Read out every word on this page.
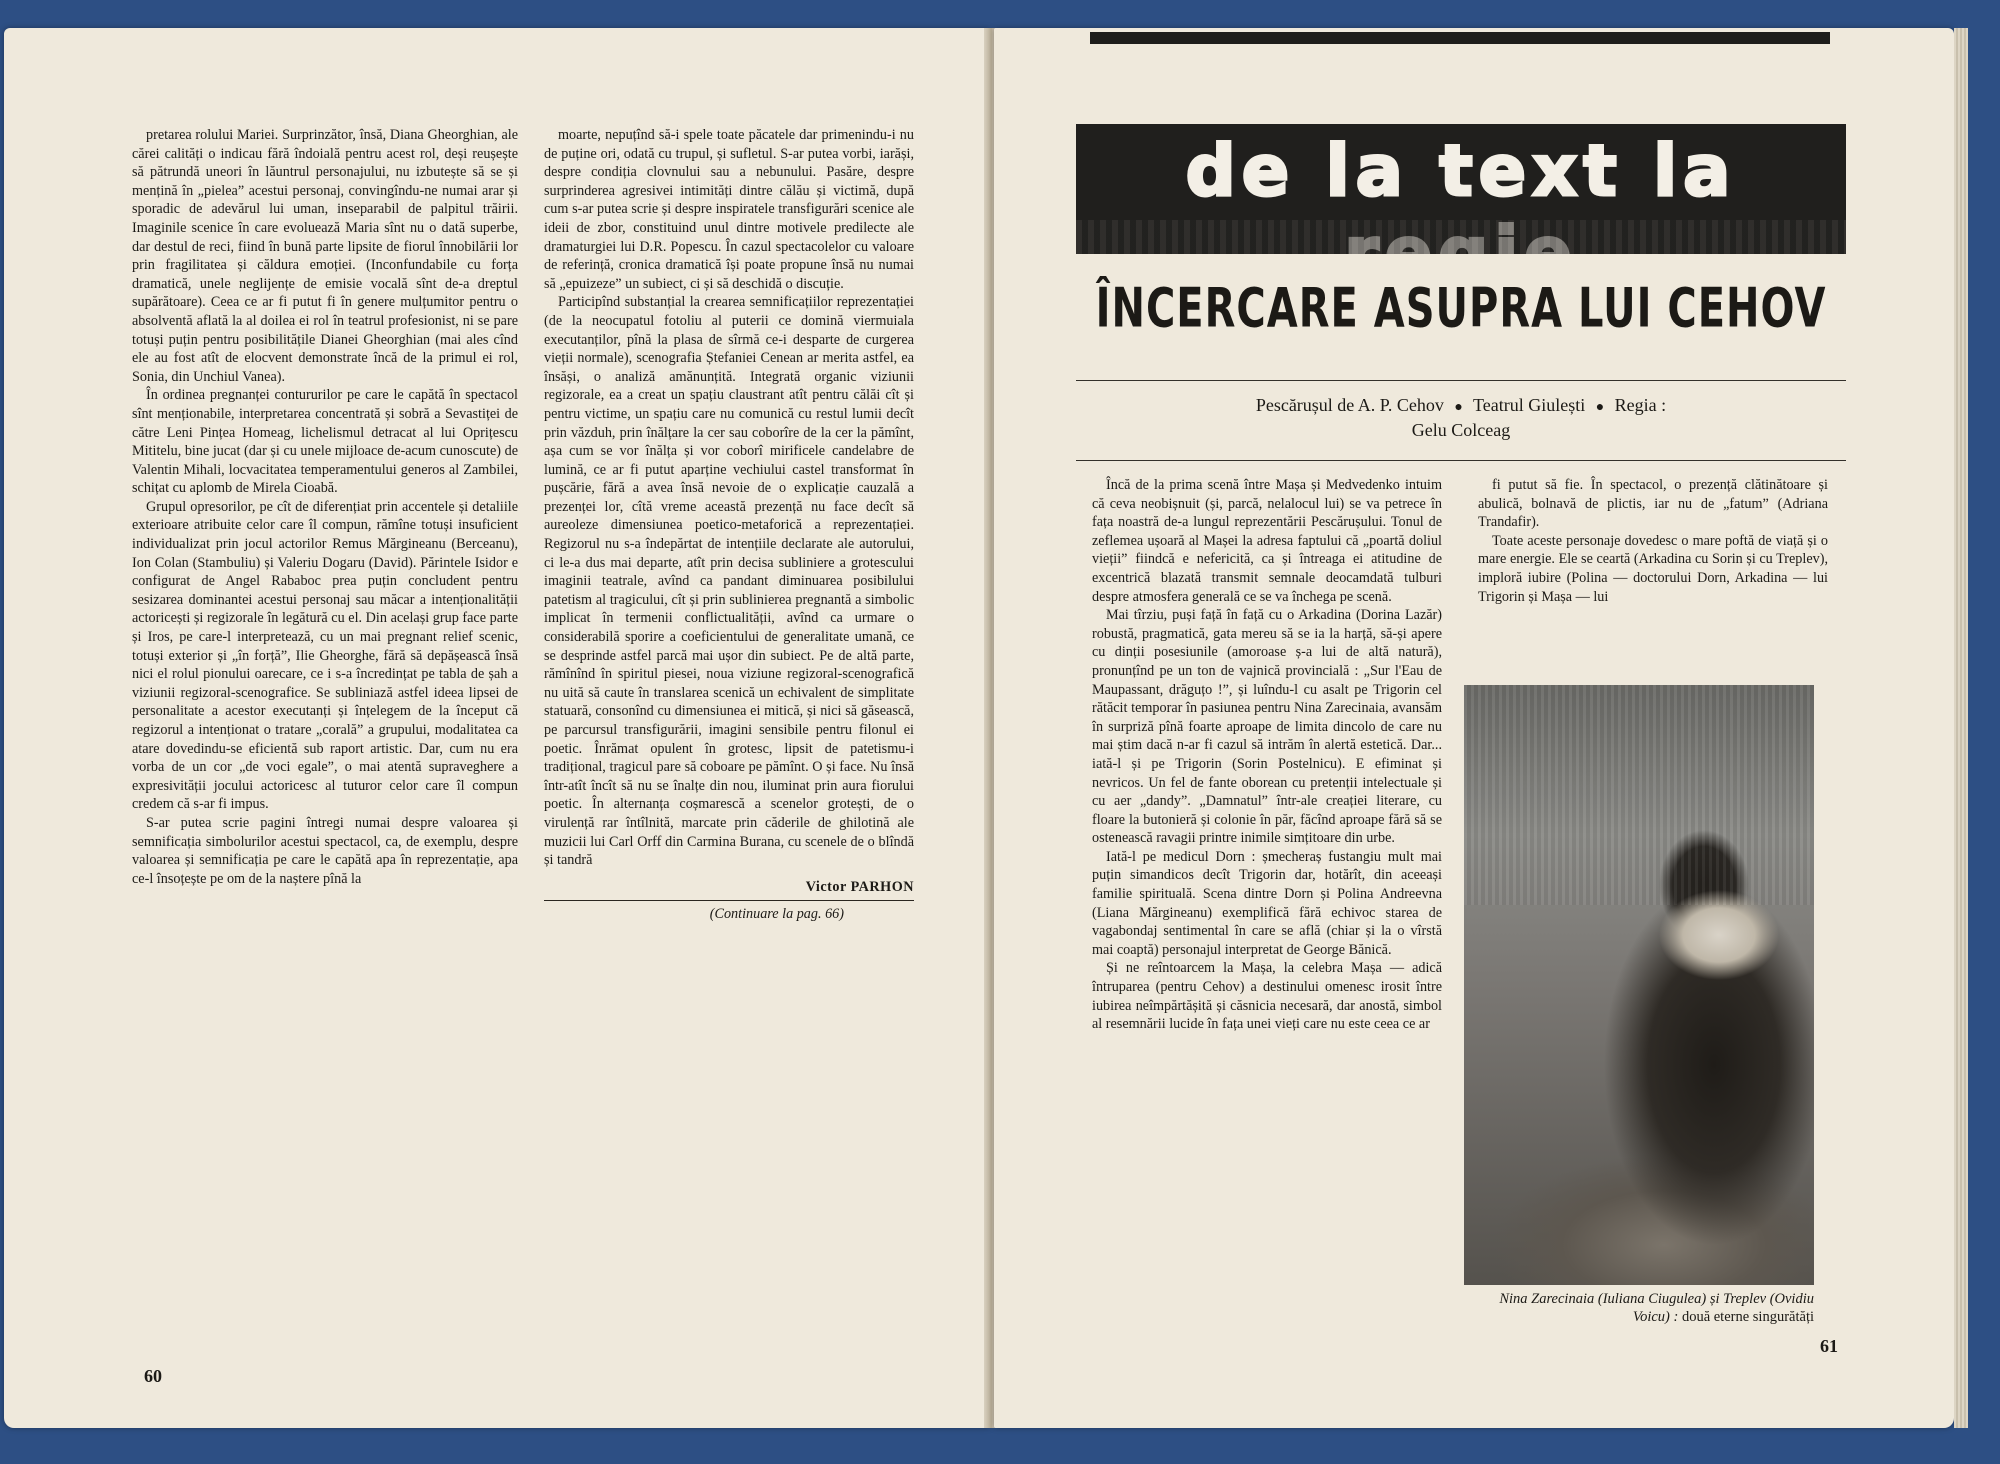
pretarea rolului Mariei. Surprinzător, însă, Diana Gheorghian, ale cărei calități o indicau fără îndoială pentru acest rol, deși reușește să pătrundă uneori în lăuntrul personajului, nu izbutește să se și mențină în „pielea” acestui personaj, convingîndu-ne numai arar și sporadic de adevărul lui uman, inseparabil de palpitul trăirii. Imaginile scenice în care evoluează Maria sînt nu o dată superbe, dar destul de reci, fiind în bună parte lipsite de fiorul înnobilării lor prin fragilitatea și căldura emoției. (Inconfundabile cu forța dramatică, unele neglijențe de emisie vocală sînt de-a dreptul supărătoare). Ceea ce ar fi putut fi în genere mulțumitor pentru o absolventă aflată la al doilea ei rol în teatrul profesionist, ni se pare totuși puțin pentru posibilitățile Dianei Gheorghian (mai ales cînd ele au fost atît de elocvent demonstrate încă de la primul ei rol, Sonia, din Unchiul Vanea).

În ordinea pregnanței contururilor pe care le capătă în spectacol sînt menționabile, interpretarea concentrată și sobră a Sevastiței de către Leni Pințea Homeag, lichelismul detracat al lui Oprițescu Mititelu, bine jucat (dar și cu unele mijloace de-acum cunoscute) de Valentin Mihali, locvacitatea temperamentului generos al Zambilei, schițat cu aplomb de Mirela Cioabă.

Grupul opresorilor, pe cît de diferențiat prin accentele și detaliile exterioare atribuite celor care îl compun, rămîne totuși insuficient individualizat prin jocul actorilor Remus Mărgineanu (Berceanu), Ion Colan (Stambuliu) și Valeriu Dogaru (David). Părintele Isidor e configurat de Angel Rababoc prea puțin concludent pentru sesizarea dominantei acestui personaj sau măcar a intenționalității actoricești și regizorale în legătură cu el. Din același grup face parte și Iros, pe care-l interpretează, cu un mai pregnant relief scenic, totuși exterior și „în forță”, Ilie Gheorghe, fără să depășească însă nici el rolul pionului oarecare, ce i s-a încredințat pe tabla de șah a viziunii regizoral-scenografice. Se subliniază astfel ideea lipsei de personalitate a acestor executanți și înțelegem de la început că regizorul a intenționat o tratare „corală” a grupului, modalitatea ca atare dovedindu-se eficientă sub raport artistic. Dar, cum nu era vorba de un cor „de voci egale”, o mai atentă supraveghere a expresivității jocului actoricesc al tuturor celor care îl compun credem că s-ar fi impus.

S-ar putea scrie pagini întregi numai despre valoarea și semnificația simbolurilor acestui spectacol, ca, de exemplu, despre valoarea și semnificația pe care le capătă apa în reprezentație, apa ce-l însoțește pe om de la naștere pînă la

moarte, nepuțînd să-i spele toate păcatele dar primenindu-i nu de puține ori, odată cu trupul, și sufletul. S-ar putea vorbi, iarăși, despre condiția clovnului sau a nebunului. Pasăre, despre surprinderea agresivei intimități dintre călău și victimă, după cum s-ar putea scrie și despre inspiratele transfigurări scenice ale ideii de zbor, constituind unul dintre motivele predilecte ale dramaturgiei lui D.R. Popescu. În cazul spectacolelor cu valoare de referință, cronica dramatică își poate propune însă nu numai să „epuizeze” un subiect, ci și să deschidă o discuție.

Participînd substanțial la crearea semnificațiilor reprezentației (de la neocupatul fotoliu al puterii ce domină viermuiala executanților, pînă la plasa de sîrmă ce-i desparte de curgerea vieții normale), scenografia Ștefaniei Cenean ar merita astfel, ea însăși, o analiză amănunțită. Integrată organic viziunii regizorale, ea a creat un spațiu claustrant atît pentru călăi cît și pentru victime, un spațiu care nu comunică cu restul lumii decît prin văzduh, prin înălțare la cer sau coborîre de la cer la pămînt, așa cum se vor înălța și vor coborî mirificele candelabre de lumină, ce ar fi putut aparține vechiului castel transformat în pușcărie, fără a avea însă nevoie de o explicație cauzală a prezenței lor, cîtă vreme această prezență nu face decît să aureoleze dimensiunea poetico-metaforică a reprezentației. Regizorul nu s-a îndepărtat de intențiile declarate ale autorului, ci le-a dus mai departe, atît prin decisa subliniere a grotescului imaginii teatrale, avînd ca pandant diminuarea posibilului patetism al tragicului, cît și prin sublinierea pregnantă a simbolic implicat în termenii conflictualității, avînd ca urmare o considerabilă sporire a coeficientului de generalitate umană, ce se desprinde astfel parcă mai ușor din subiect. Pe de altă parte, rămînînd în spiritul piesei, noua viziune regizoral-scenografică nu uită să caute în translarea scenică un echivalent de simplitate statuară, consonînd cu dimensiunea ei mitică, și nici să găsească, pe parcursul transfigurării, imagini sensibile pentru filonul ei poetic. Înrămat opulent în grotesc, lipsit de patetismu-i tradițional, tragicul pare să coboare pe pămînt. O și face. Nu însă într-atît încît să nu se înalțe din nou, iluminat prin aura fiorului poetic. În alternanța coșmarescă a scenelor grotești, de o virulență rar întîlnită, marcate prin căderile de ghilotină ale muzicii lui Carl Orff din Carmina Burana, cu scenele de o blîndă și tandră

Victor PARHON
(Continuare la pag. 66)
60
de la text la
ÎNCERCARE ASUPRA LUI CEHOV
Pescărușul de A. P. Cehov ● Teatrul Giulești ● Regia :
Gelu Colceag

Încă de la prima scenă între Mașa și Medvedenko intuim că ceva neobișnuit (și, parcă, nelalocul lui) se va petrece în fața noastră de-a lungul reprezentării Pescărușului. Tonul de zeflemea ușoară al Mașei la adresa faptului că „poartă doliul vieții” fiindcă e nefericită, ca și întreaga ei atitudine de excentrică blazată transmit semnale deocamdată tulburi despre atmosfera generală ce se va închega pe scenă.

Mai tîrziu, puși față în față cu o Arkadina (Dorina Lazăr) robustă, pragmatică, gata mereu să se ia la harță, să-și apere cu dinții posesiunile (amoroase ș-a lui de altă natură), pronunțînd pe un ton de vajnică provincială : „Sur l'Eau de Maupassant, drăguțo !”, și luîndu-l cu asalt pe Trigorin cel rătăcit temporar în pasiunea pentru Nina Zarecinaia, avansăm în surpriză pînă foarte aproape de limita dincolo de care nu mai știm dacă n-ar fi cazul să intrăm în alertă estetică. Dar... iată-l și pe Trigorin (Sorin Postelnicu). E efiminat și nevricos. Un fel de fante oborean cu pretenții intelectuale și cu aer „dandy”. „Damnatul” într-ale creației literare, cu floare la butonieră și colonie în păr, făcînd aproape fără să se ostenească ravagii printre inimile simțitoare din urbe.

Iată-l pe medicul Dorn : șmecheraș fustangiu mult mai puțin simandicos decît Trigorin dar, hotărît, din aceeași familie spirituală. Scena dintre Dorn și Polina Andreevna (Liana Mărgineanu) exemplifică fără echivoc starea de vagabondaj sentimental în care se află (chiar și la o vîrstă mai coaptă) personajul interpretat de George Bănică.

Și ne reîntoarcem la Mașa, la celebra Mașa — adică întruparea (pentru Cehov) a destinului omenesc irosit între iubirea neîmpărtășită și căsnicia necesară, dar anostă, simbol al resemnării lucide în fața unei vieți care nu este ceea ce ar

fi putut să fie. În spectacol, o prezență clătinătoare și abulică, bolnavă de plictis, iar nu de „fatum” (Adriana Trandafir).

Toate aceste personaje dovedesc o mare poftă de viață și o mare energie. Ele se ceartă (Arkadina cu Sorin și cu Treplev), imploră iubire (Polina — doctorului Dorn, Arkadina — lui Trigorin și Mașa — lui

Nina Zarecinaia (Iuliana Ciugulea) și Treplev (Ovidiu Voicu) : două eterne singurătăți
61
